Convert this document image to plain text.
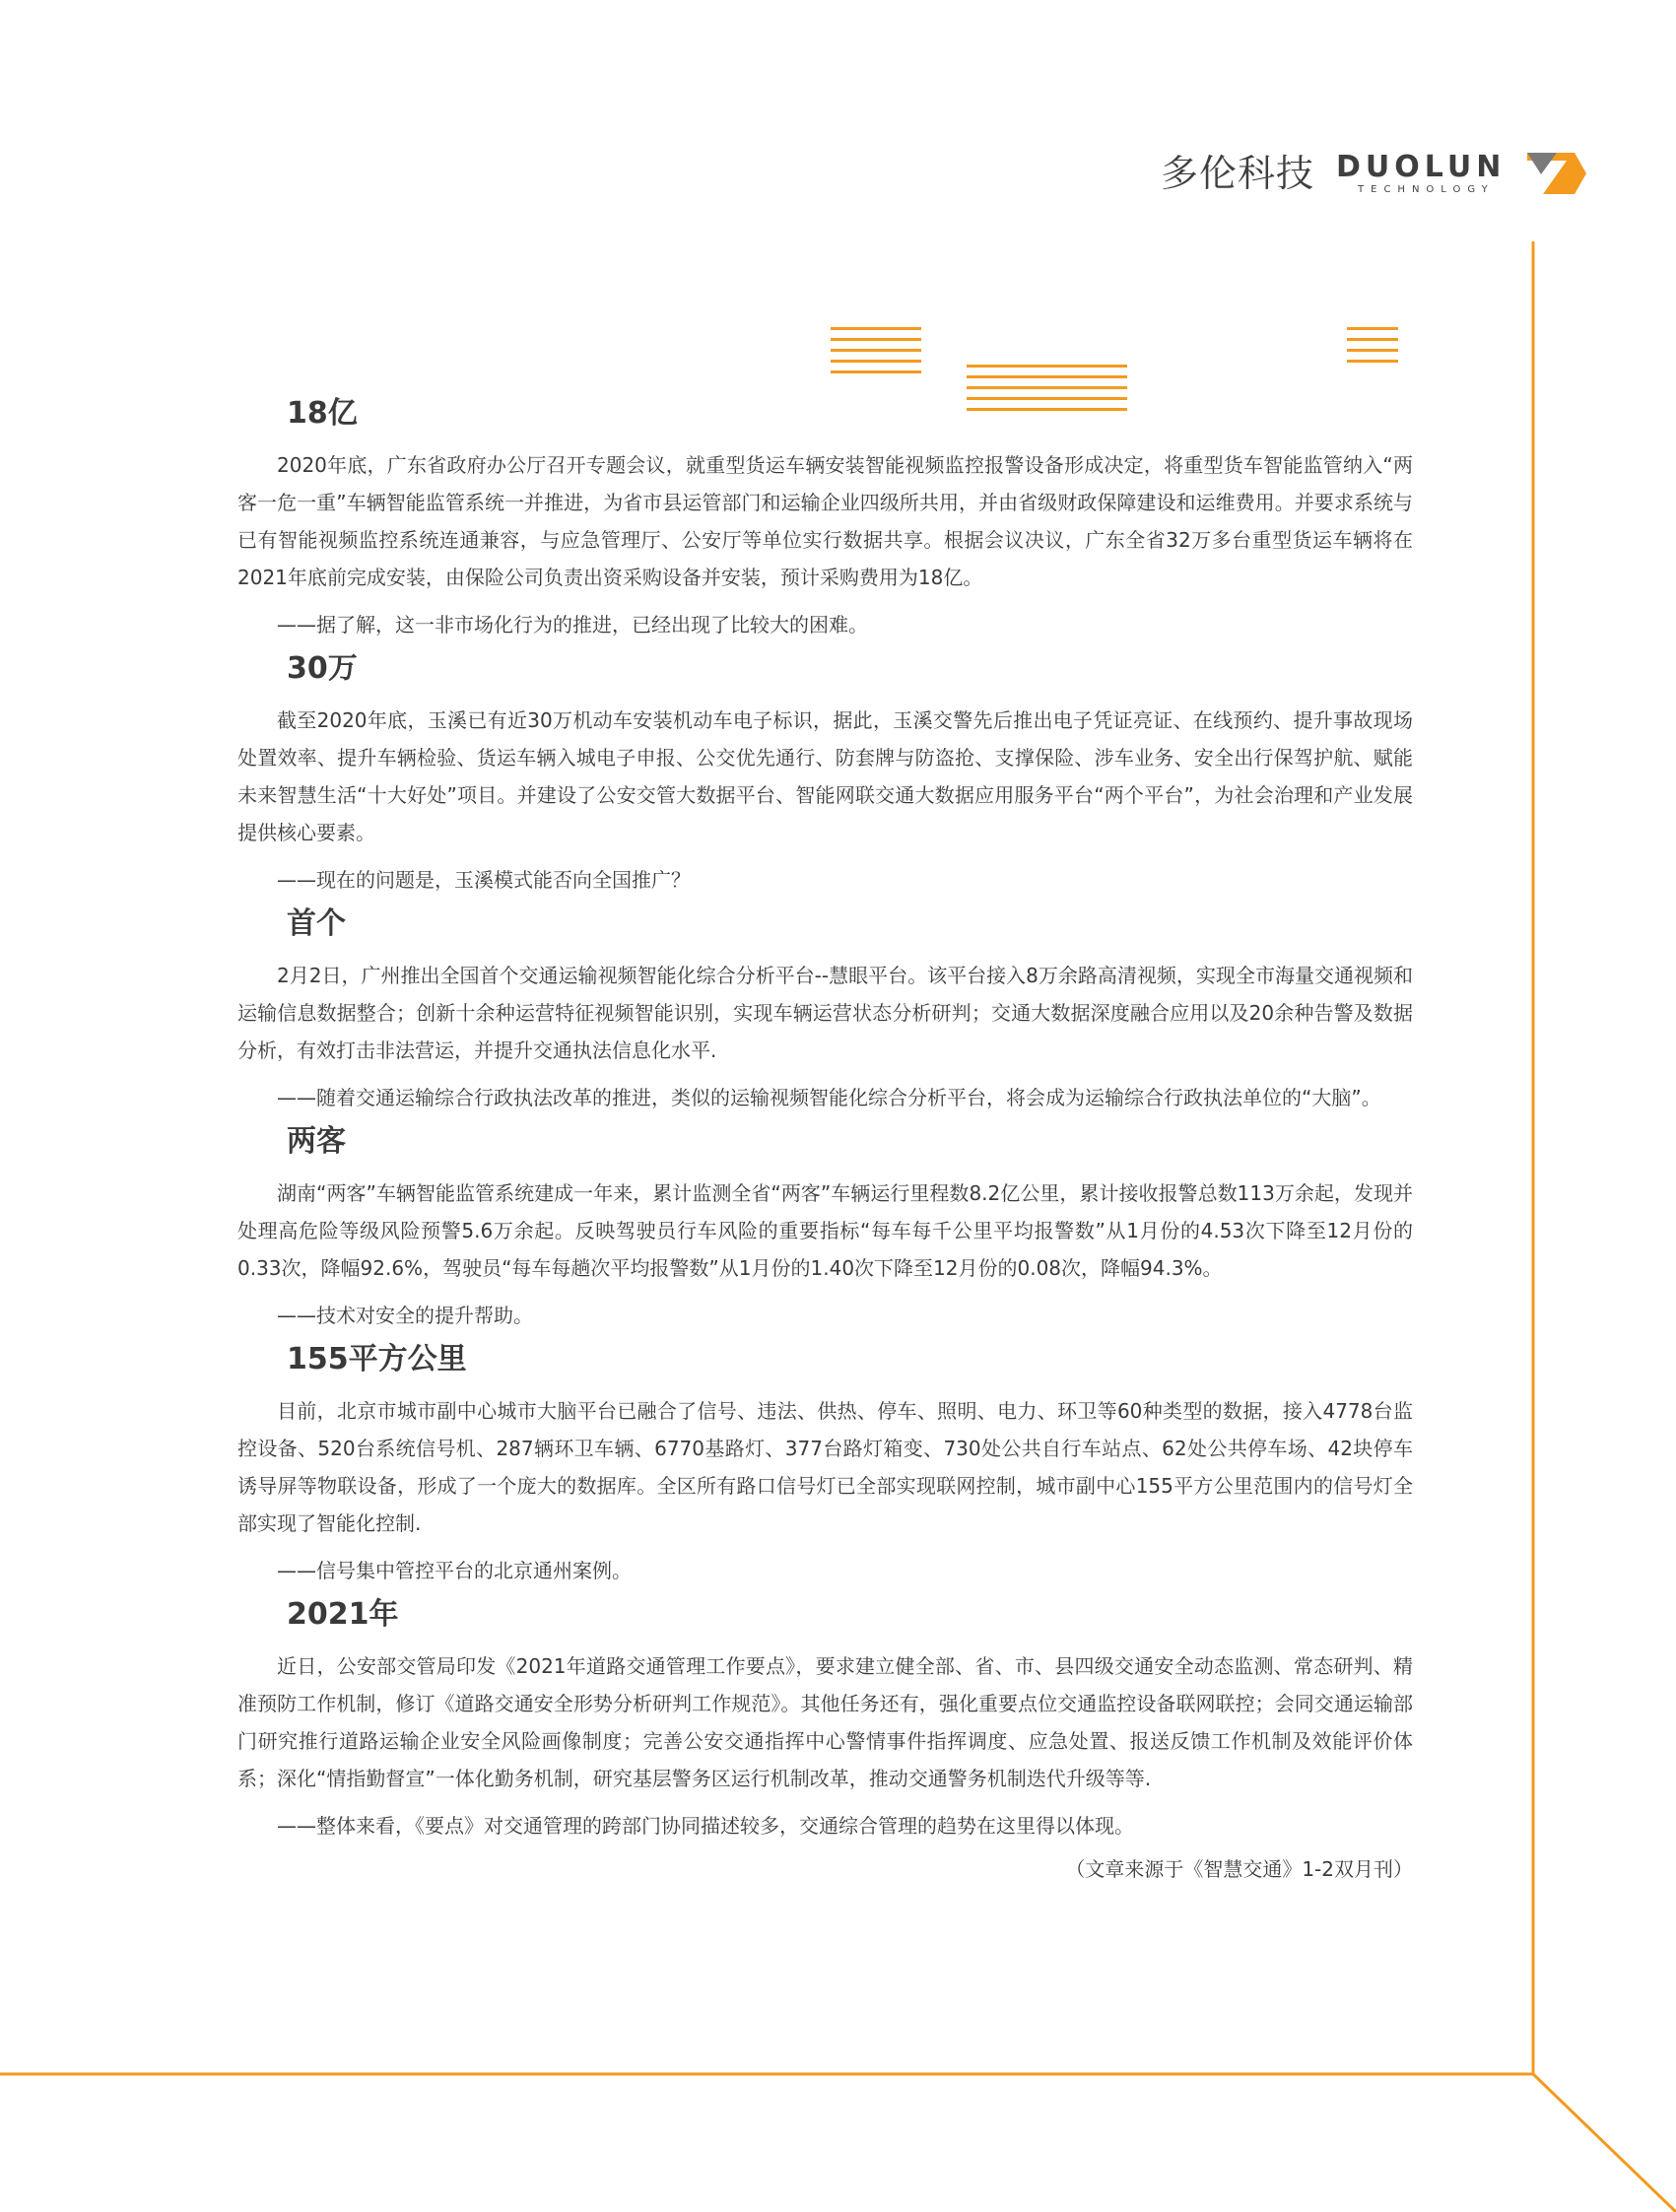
多伦科技 DUOLUN
TECHNOLOGY
18亿

2020年底，广东省政府办公厅召开专题会议，就重型货运车辆安装智能视频监控报警设备形成决定，将重型货车智能监管纳入“两客一危一重”车辆智能监管系统一并推进，为省市县运管部门和运输企业四级所共用，并由省级财政保障建设和运维费用。并要求系统与已有智能视频监控系统连通兼容，与应急管理厅、公安厅等单位实行数据共享。根据会议决议，广东全省32万多台重型货运车辆将在2021年底前完成安装，由保险公司负责出资采购设备并安装，预计采购费用为18亿。

——据了解，这一非市场化行为的推进，已经出现了比较大的困难。

30万

截至2020年底，玉溪已有近30万机动车安装机动车电子标识，据此，玉溪交警先后推出电子凭证亮证、在线预约、提升事故现场处置效率、提升车辆检验、货运车辆入城电子申报、公交优先通行、防套牌与防盗抢、支撑保险、涉车业务、安全出行保驾护航、赋能未来智慧生活“十大好处”项目。并建设了公安交管大数据平台、智能网联交通大数据应用服务平台“两个平台”，为社会治理和产业发展提供核心要素。

——现在的问题是，玉溪模式能否向全国推广？

首个

2月2日，广州推出全国首个交通运输视频智能化综合分析平台--慧眼平台。该平台接入8万余路高清视频，实现全市海量交通视频和运输信息数据整合；创新十余种运营特征视频智能识别，实现车辆运营状态分析研判；交通大数据深度融合应用以及20余种告警及数据分析，有效打击非法营运，并提升交通执法信息化水平.

——随着交通运输综合行政执法改革的推进，类似的运输视频智能化综合分析平台，将会成为运输综合行政执法单位的“大脑”。

两客

湖南“两客”车辆智能监管系统建成一年来，累计监测全省“两客”车辆运行里程数8.2亿公里，累计接收报警总数113万余起，发现并处理高危险等级风险预警5.6万余起。反映驾驶员行车风险的重要指标“每车每千公里平均报警数”从1月份的4.53次下降至12月份的0.33次，降幅92.6%，驾驶员“每车每趟次平均报警数”从1月份的1.40次下降至12月份的0.08次，降幅94.3%。

——技术对安全的提升帮助。

155平方公里

目前，北京市城市副中心城市大脑平台已融合了信号、违法、供热、停车、照明、电力、环卫等60种类型的数据，接入4778台监控设备、520台系统信号机、287辆环卫车辆、6770基路灯、377台路灯箱变、730处公共自行车站点、62处公共停车场、42块停车诱导屏等物联设备，形成了一个庞大的数据库。全区所有路口信号灯已全部实现联网控制，城市副中心155平方公里范围内的信号灯全部实现了智能化控制.

——信号集中管控平台的北京通州案例。

2021年

近日，公安部交管局印发《2021年道路交通管理工作要点》，要求建立健全部、省、市、县四级交通安全动态监测、常态研判、精准预防工作机制，修订《道路交通安全形势分析研判工作规范》。其他任务还有，强化重要点位交通监控设备联网联控；会同交通运输部门研究推行道路运输企业安全风险画像制度；完善公安交通指挥中心警情事件指挥调度、应急处置、报送反馈工作机制及效能评价体系；深化“情指勤督宣”一体化勤务机制，研究基层警务区运行机制改革，推动交通警务机制迭代升级等等.

——整体来看，《要点》对交通管理的跨部门协同描述较多，交通综合管理的趋势在这里得以体现。

（文章来源于《智慧交通》1-2双月刊）
